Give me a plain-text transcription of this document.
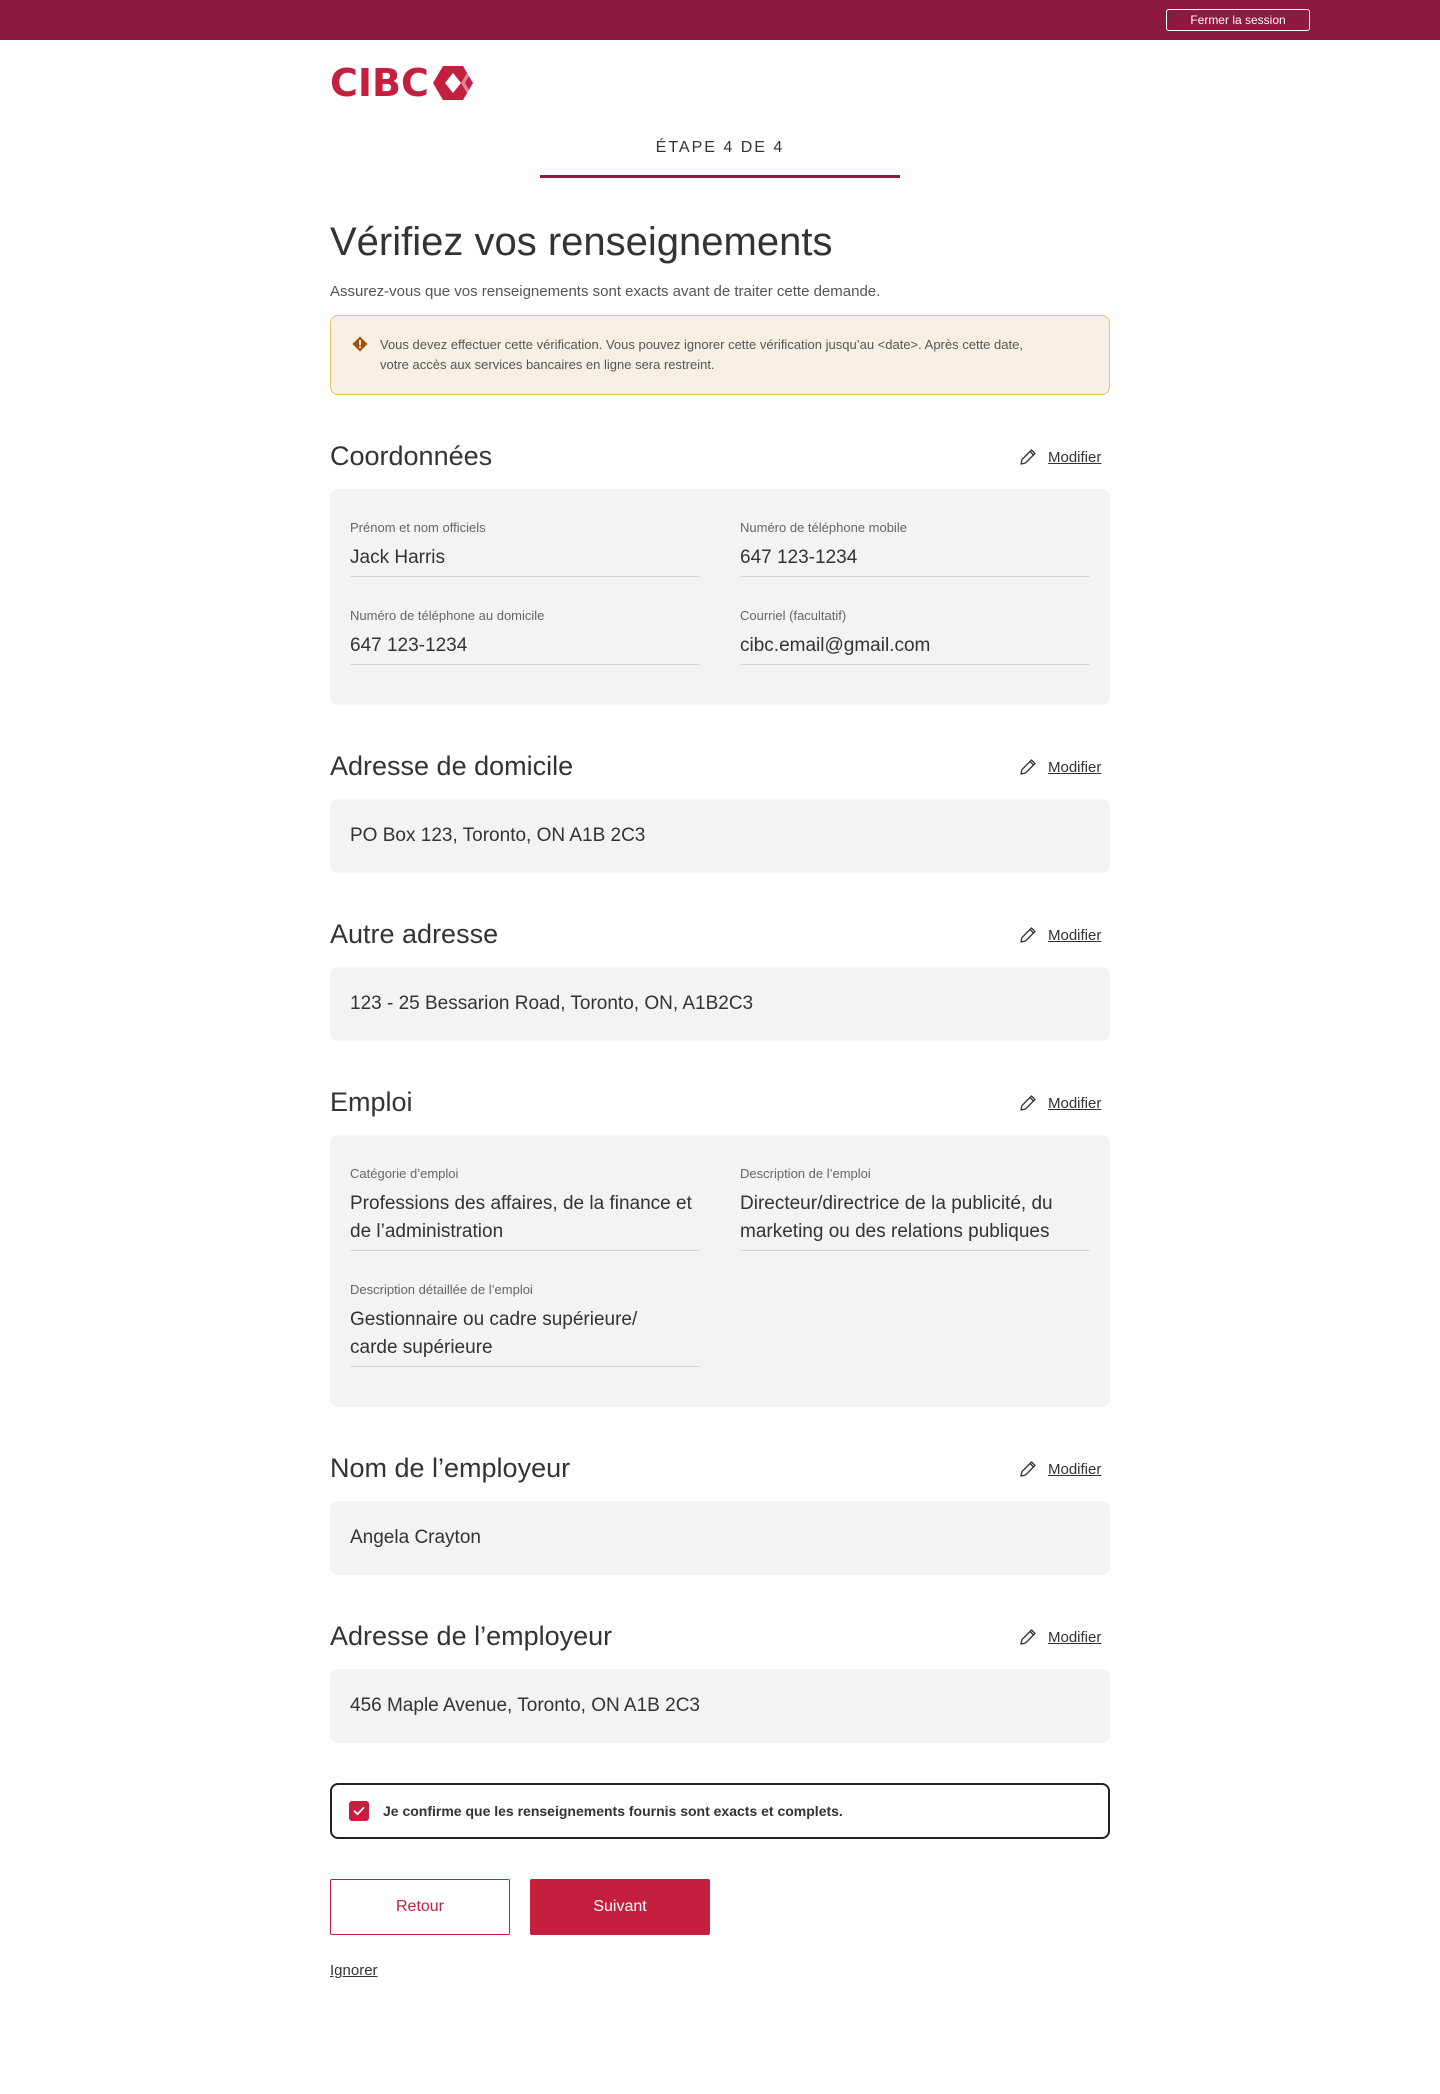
Fermer la session
CIBC
ÉTAPE 4 DE 4
Vérifiez vos renseignements

Assurez-vous que vos renseignements sont exacts avant de traiter cette demande.

Vous devez effectuer cette vérification. Vous pouvez ignorer cette vérification jusqu’au <date>. Après cette date,
votre accès aux services bancaires en ligne sera restreint.
Coordonnées	Modifier
Prénom et nom officiels
Jack Harris
Numéro de téléphone mobile
647 123-1234
Numéro de téléphone au domicile
647 123-1234
Courriel (facultatif)
cibc.email@gmail.com
Adresse de domicile	Modifier
PO Box 123, Toronto, ON A1B 2C3
Autre adresse	Modifier
123 - 25 Bessarion Road, Toronto, ON, A1B2C3
Emploi	Modifier
Catégorie d’emploi
Professions des affaires, de la finance et
de l’administration
Description de l’emploi
Directeur/directrice de la publicité, du
marketing ou des relations publiques
Description détaillée de l’emploi
Gestionnaire ou cadre supérieure/
carde supérieure
Nom de l’employeur	Modifier
Angela Crayton
Adresse de l’employeur	Modifier
456 Maple Avenue, Toronto, ON A1B 2C3
Je confirme que les renseignements fournis sont exacts et complets.
Retour	Suivant
Ignorer
